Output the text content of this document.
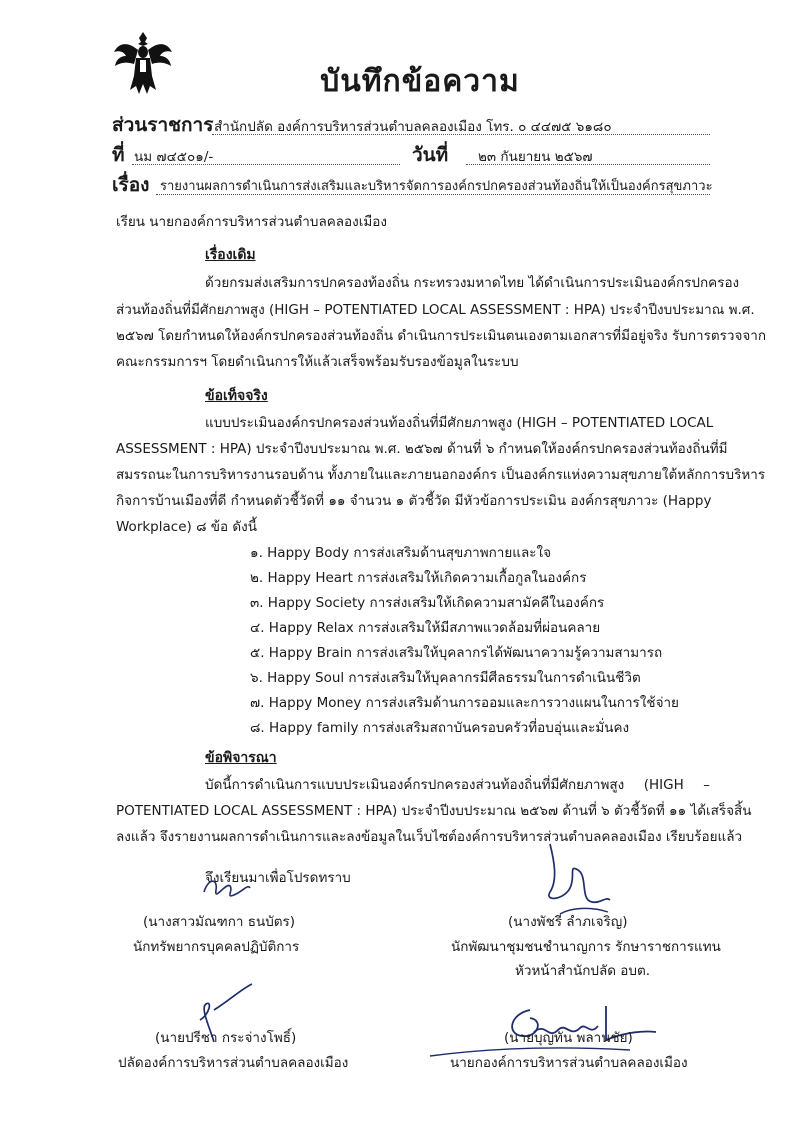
บันทึกข้อความ
ส่วนราชการ สำนักปลัด องค์การบริหารส่วนตำบลคลองเมือง โทร. ๐ ๔๔๗๕ ๖๑๘๐
ที่ นม ๗๔๕๐๑/-	วันที่ ๒๓ กันยายน ๒๕๖๗
เรื่อง รายงานผลการดำเนินการส่งเสริมและบริหารจัดการองค์กรปกครองส่วนท้องถิ่นให้เป็นองค์กรสุขภาวะ
เรียน นายกองค์การบริหารส่วนตำบลคลองเมือง
เรื่องเดิม
ด้วยกรมส่งเสริมการปกครองท้องถิ่น กระทรวงมหาดไทย ได้ดำเนินการประเมินองค์กรปกครอง
ส่วนท้องถิ่นที่มีศักยภาพสูง (HIGH – POTENTIATED LOCAL ASSESSMENT : HPA) ประจำปีงบประมาณ พ.ศ.
๒๕๖๗ โดยกำหนดให้องค์กรปกครองส่วนท้องถิ่น ดำเนินการประเมินตนเองตามเอกสารที่มีอยู่จริง รับการตรวจจาก
คณะกรรมการฯ โดยดำเนินการให้แล้วเสร็จพร้อมรับรองข้อมูลในระบบ
ข้อเท็จจริง
แบบประเมินองค์กรปกครองส่วนท้องถิ่นที่มีศักยภาพสูง (HIGH – POTENTIATED LOCAL
ASSESSMENT : HPA) ประจำปีงบประมาณ พ.ศ. ๒๕๖๗ ด้านที่ ๖ กำหนดให้องค์กรปกครองส่วนท้องถิ่นที่มี
สมรรถนะในการบริหารงานรอบด้าน ทั้งภายในและภายนอกองค์กร เป็นองค์กรแห่งความสุขภายใต้หลักการบริหาร
กิจการบ้านเมืองที่ดี กำหนดตัวชี้วัดที่ ๑๑ จำนวน ๑ ตัวชี้วัด มีหัวข้อการประเมิน องค์กรสุขภาวะ (Happy
Workplace) ๘ ข้อ ดังนี้
๑. Happy Body การส่งเสริมด้านสุขภาพกายและใจ
๒. Happy Heart การส่งเสริมให้เกิดความเกื้อกูลในองค์กร
๓. Happy Society การส่งเสริมให้เกิดความสามัคคีในองค์กร
๔. Happy Relax การส่งเสริมให้มีสภาพแวดล้อมที่ผ่อนคลาย
๕. Happy Brain การส่งเสริมให้บุคลากรได้พัฒนาความรู้ความสามารถ
๖. Happy Soul การส่งเสริมให้บุคลากรมีศีลธรรมในการดำเนินชีวิต
๗. Happy Money การส่งเสริมด้านการออมและการวางแผนในการใช้จ่าย
๘. Happy family การส่งเสริมสถาบันครอบครัวที่อบอุ่นและมั่นคง
ข้อพิจารณา
บัดนี้การดำเนินการแบบประเมินองค์กรปกครองส่วนท้องถิ่นที่มีศักยภาพสูง (HIGH –
POTENTIATED LOCAL ASSESSMENT : HPA) ประจำปีงบประมาณ ๒๕๖๗ ด้านที่ ๖ ตัวชี้วัดที่ ๑๑ ได้เสร็จสิ้น
ลงแล้ว จึงรายงานผลการดำเนินการและลงข้อมูลในเว็บไซต์องค์การบริหารส่วนตำบลคลองเมือง เรียบร้อยแล้ว
จึงเรียนมาเพื่อโปรดทราบ
(นางสาวมัณฑกา ธนบัตร)
นักทรัพยากรบุคคลปฏิบัติการ
(นางพัชรี ลำภเจริญ)
นักพัฒนาชุมชนชำนาญการ รักษาราชการแทน
หัวหน้าสำนักปลัด อบต.
(นายปรีชา กระจ่างโพธิ์)
ปลัดองค์การบริหารส่วนตำบลคลองเมือง
(นายบุญทัน พลานชัย)
นายกองค์การบริหารส่วนตำบลคลองเมือง
